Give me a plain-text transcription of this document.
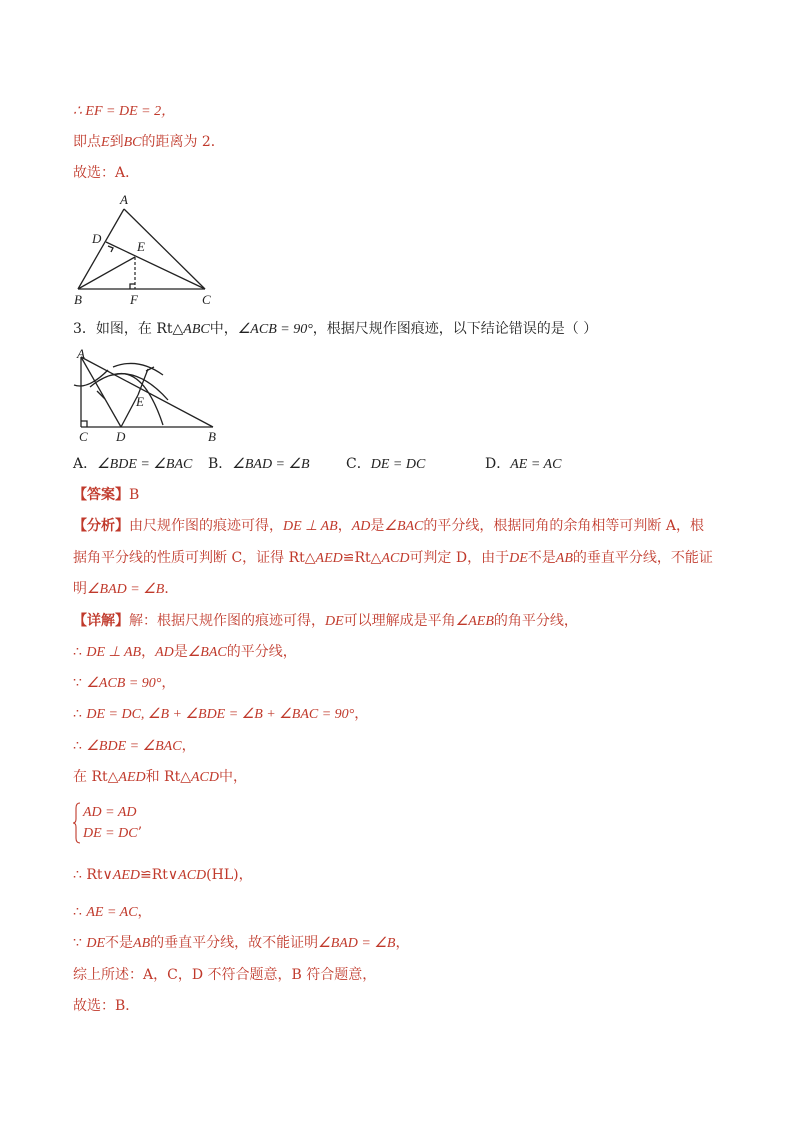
∴ EF = DE = 2，
即点E到BC的距离为 2．
故选：A．
A
B	C
D
E
F
3．如图，在 Rt△ABC中，∠ACB = 90°，根据尺规作图痕迹，以下结论错误的是（ ）
A
C D	B
E
A．∠BDE = ∠BAC B．∠BAD = ∠B	C．DE = DC	D．AE = AC
【答案】B
【分析】由尺规作图的痕迹可得，DE ⊥ AB，AD是∠BAC的平分线，根据同角的余角相等可判断 A，根
据角平分线的性质可判断 C，证得 Rt△AED≌Rt△ACD可判定 D，由于DE不是AB的垂直平分线，不能证
明∠BAD = ∠B．
【详解】解：根据尺规作图的痕迹可得，DE可以理解成是平角∠AEB的角平分线，
∴ DE ⊥ AB，AD是∠BAC的平分线，
∵ ∠ACB = 90°，
∴ DE = DC, ∠B + ∠BDE = ∠B + ∠BAC = 90°，
∴ ∠BDE = ∠BAC，
在 Rt△AED和 Rt△ACD中，
AD = AD
DE = DC’
∴ Rt∨AED≌Rt∨ACD(HL)，
∴ AE = AC，
∵ DE不是AB的垂直平分线，故不能证明∠BAD = ∠B，
综上所述：A，C，D 不符合题意，B 符合题意，
故选：B．
